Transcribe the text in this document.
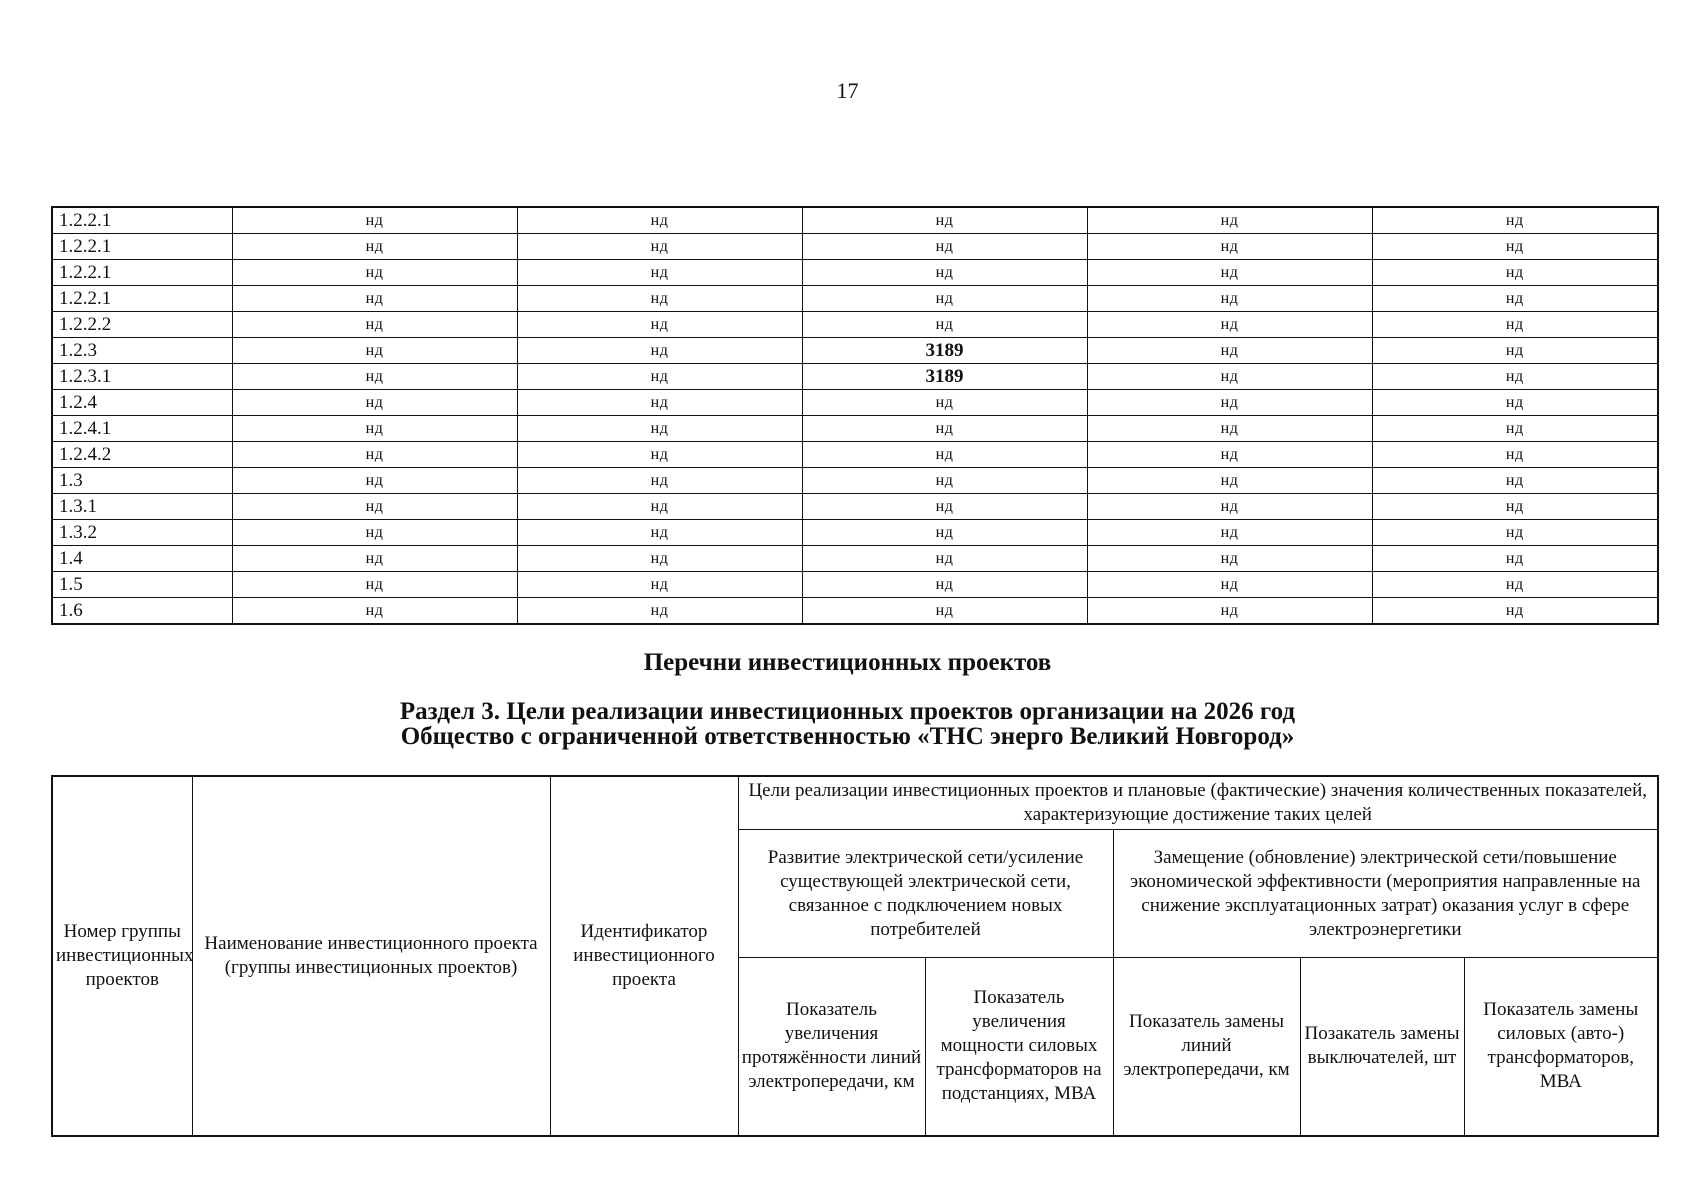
17
1.2.2.1	нд	нд	нд	нд	нд
1.2.2.1	нд	нд	нд	нд	нд
1.2.2.1	нд	нд	нд	нд	нд
1.2.2.1	нд	нд	нд	нд	нд
1.2.2.2	нд	нд	нд	нд	нд
1.2.3	нд	нд	3189	нд	нд
1.2.3.1	нд	нд	3189	нд	нд
1.2.4	нд	нд	нд	нд	нд
1.2.4.1	нд	нд	нд	нд	нд
1.2.4.2	нд	нд	нд	нд	нд
1.3	нд	нд	нд	нд	нд
1.3.1	нд	нд	нд	нд	нд
1.3.2	нд	нд	нд	нд	нд
1.4	нд	нд	нд	нд	нд
1.5	нд	нд	нд	нд	нд
1.6	нд	нд	нд	нд	нд
Перечни инвестиционных проектов
Раздел 3. Цели реализации инвестиционных проектов организации на 2026 год
Общество с ограниченной ответственностью «ТНС энерго Великий Новгород»
Номер группы инвестиционных проектов	Наименование инвестиционного проекта (группы инвестиционных проектов)	Идентификатор инвестиционного проекта	Цели реализации инвестиционных проектов и плановые (фактические) значения количественных показателей, характеризующие достижение таких целей				
			Развитие электрической сети/усиление существующей электрической сети, связанное с подключением новых потребителей		Замещение (обновление) электрической сети/повышение экономической эффективности (мероприятия направленные на снижение эксплуатационных затрат) оказания услуг в сфере электроэнергетики		
			Показатель увеличения протяжённости линий электропередачи, км	Показатель увеличения мощности силовых трансформаторов на подстанциях, МВА	Показатель замены линий электропередачи, км	Позакатель замены выключателей, шт	Показатель замены силовых (авто-) трансформаторов, МВА
